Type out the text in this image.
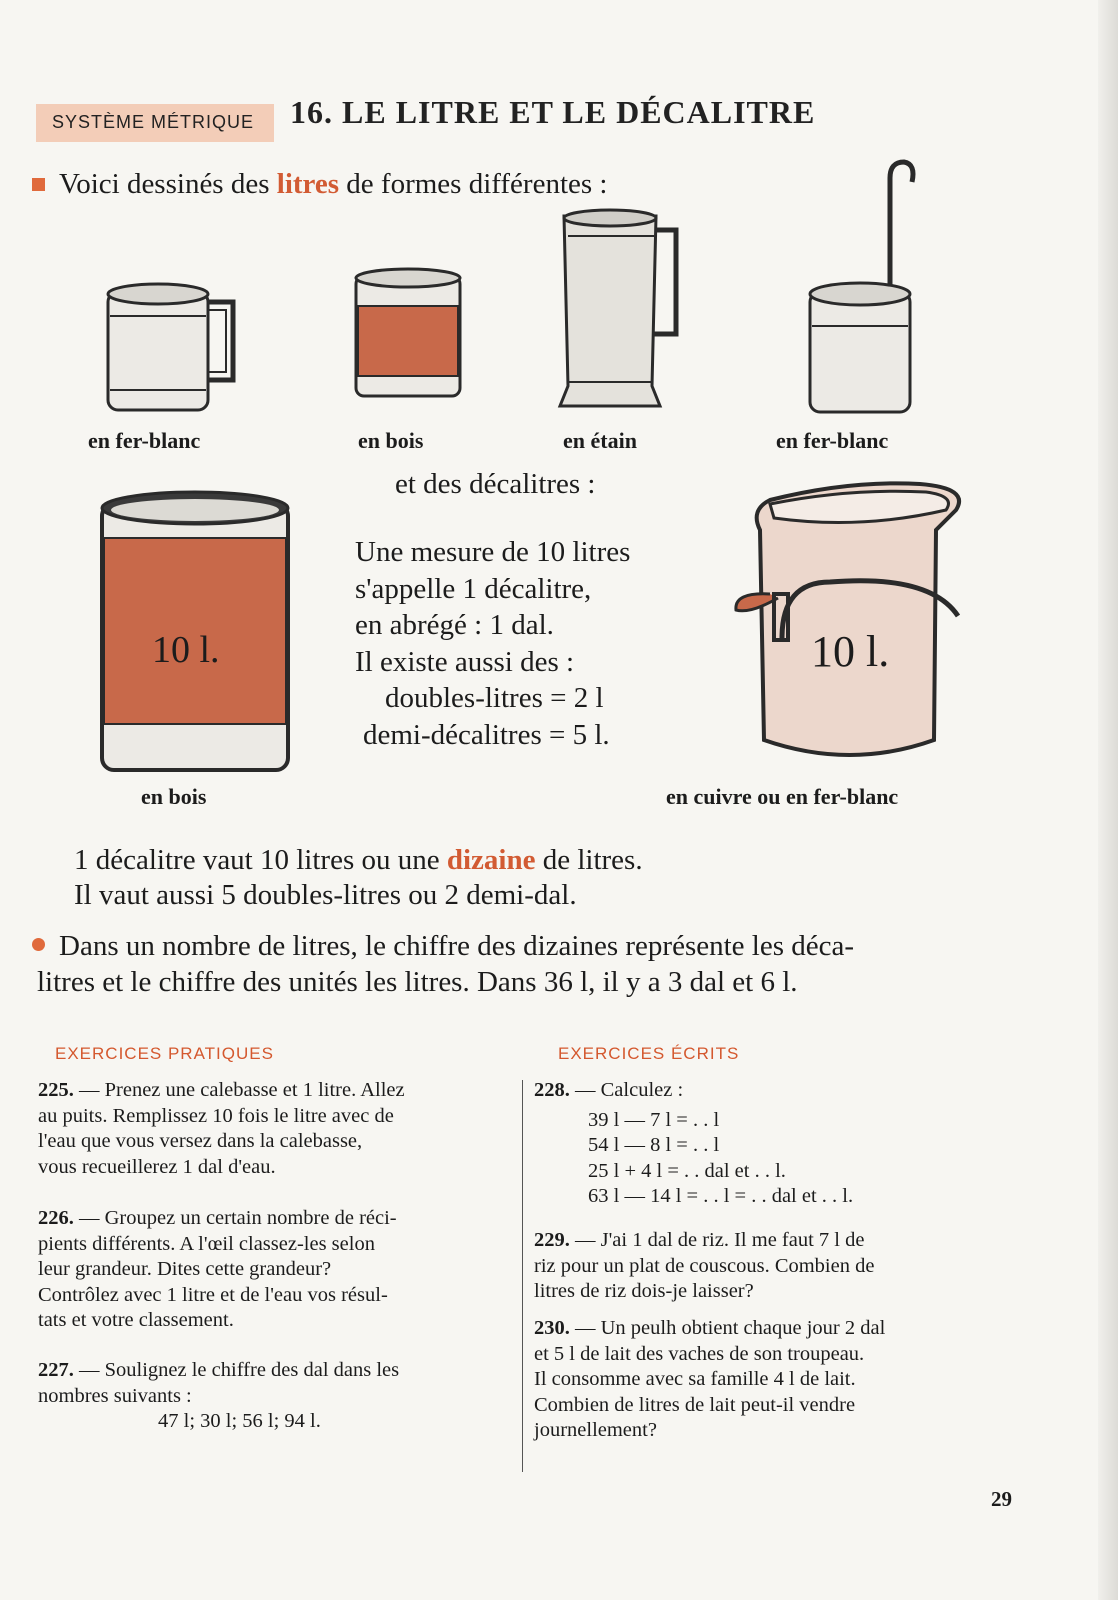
SYSTÈME MÉTRIQUE 16. LE LITRE ET LE DÉCALITRE
Voici dessinés des litres de formes différentes :
en fer-blanc	en bois	en étain	en fer-blanc
et des décalitres :
10 l.
en bois
Une mesure de 10 litres
s'appelle 1 décalitre,
en abrégé : 1 dal.
Il existe aussi des :
doubles-litres = 2 l
demi-décalitres = 5 l.
10 l.
en cuivre ou en fer-blanc
1 décalitre vaut 10 litres ou une dizaine de litres.
Il vaut aussi 5 doubles-litres ou 2 demi-dal.
Dans un nombre de litres, le chiffre des dizaines représente les déca-
litres et le chiffre des unités les litres. Dans 36 l, il y a 3 dal et 6 l.
EXERCICES PRATIQUES
225. — Prenez une calebasse et 1 litre. Allez
au puits. Remplissez 10 fois le litre avec de
l'eau que vous versez dans la calebasse,
vous recueillerez 1 dal d'eau.
226. — Groupez un certain nombre de réci-
pients différents. A l'œil classez-les selon
leur grandeur. Dites cette grandeur?
Contrôlez avec 1 litre et de l'eau vos résul-
tats et votre classement.
227. — Soulignez le chiffre des dal dans les
nombres suivants :
47 l; 30 l; 56 l; 94 l.
EXERCICES ÉCRITS
228. — Calculez :
39 l — 7 l = . . l
54 l — 8 l = . . l
25 l + 4 l = . . dal et . . l.
63 l — 14 l = . . l = . . dal et . . l.
229. — J'ai 1 dal de riz. Il me faut 7 l de
riz pour un plat de couscous. Combien de
litres de riz dois-je laisser?
230. — Un peulh obtient chaque jour 2 dal
et 5 l de lait des vaches de son troupeau.
Il consomme avec sa famille 4 l de lait.
Combien de litres de lait peut-il vendre
journellement?
29
